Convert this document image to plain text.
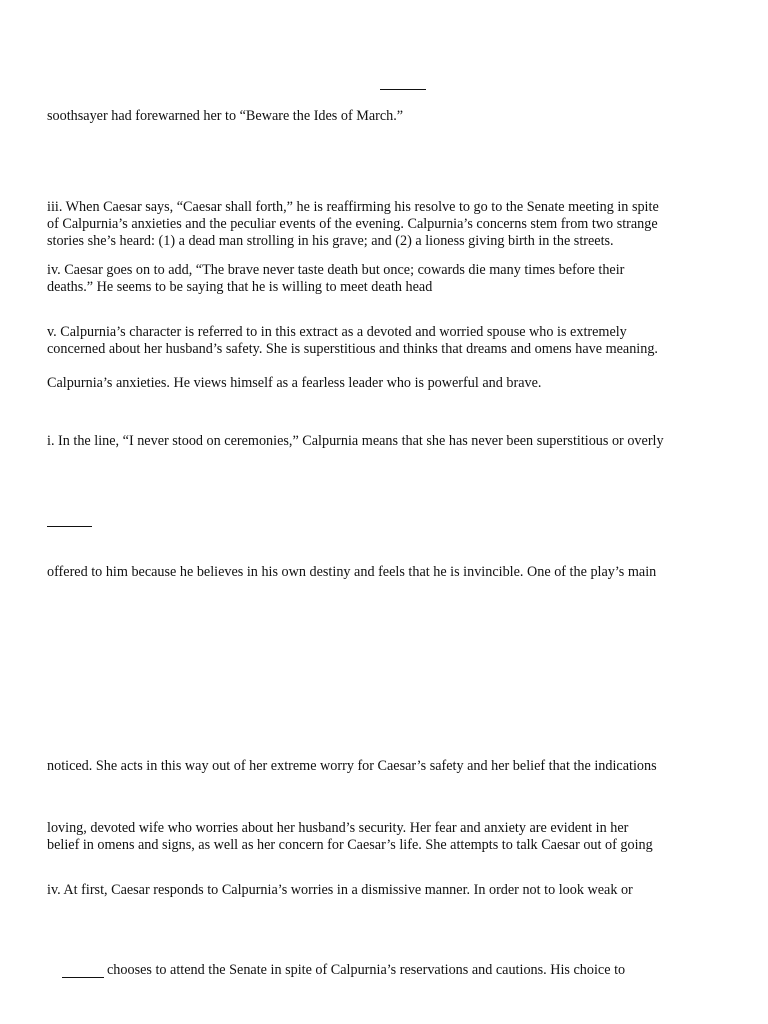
soothsayer had forewarned her to “Beware the Ides of March.”
iii. When Caesar says, “Caesar shall forth,” he is reaffirming his resolve to go to the Senate meeting in spite
of Calpurnia’s anxieties and the peculiar events of the evening. Calpurnia’s concerns stem from two strange
stories she’s heard: (1) a dead man strolling in his grave; and (2) a lioness giving birth in the streets.
iv. Caesar goes on to add, “The brave never taste death but once; cowards die many times before their
deaths.” He seems to be saying that he is willing to meet death head
v. Calpurnia’s character is referred to in this extract as a devoted and worried spouse who is extremely
concerned about her husband’s safety. She is superstitious and thinks that dreams and omens have meaning.
Calpurnia’s anxieties. He views himself as a fearless leader who is powerful and brave.
i. In the line, “I never stood on ceremonies,” Calpurnia means that she has never been superstitious or overly
offered to him because he believes in his own destiny and feels that he is invincible. One of the play’s main
noticed. She acts in this way out of her extreme worry for Caesar’s safety and her belief that the indications
loving, devoted wife who worries about her husband’s security. Her fear and anxiety are evident in her
belief in omens and signs, as well as her concern for Caesar’s life. She attempts to talk Caesar out of going
iv. At first, Caesar responds to Calpurnia’s worries in a dismissive manner. In order not to look weak or
chooses to attend the Senate in spite of Calpurnia’s reservations and cautions. His choice to
